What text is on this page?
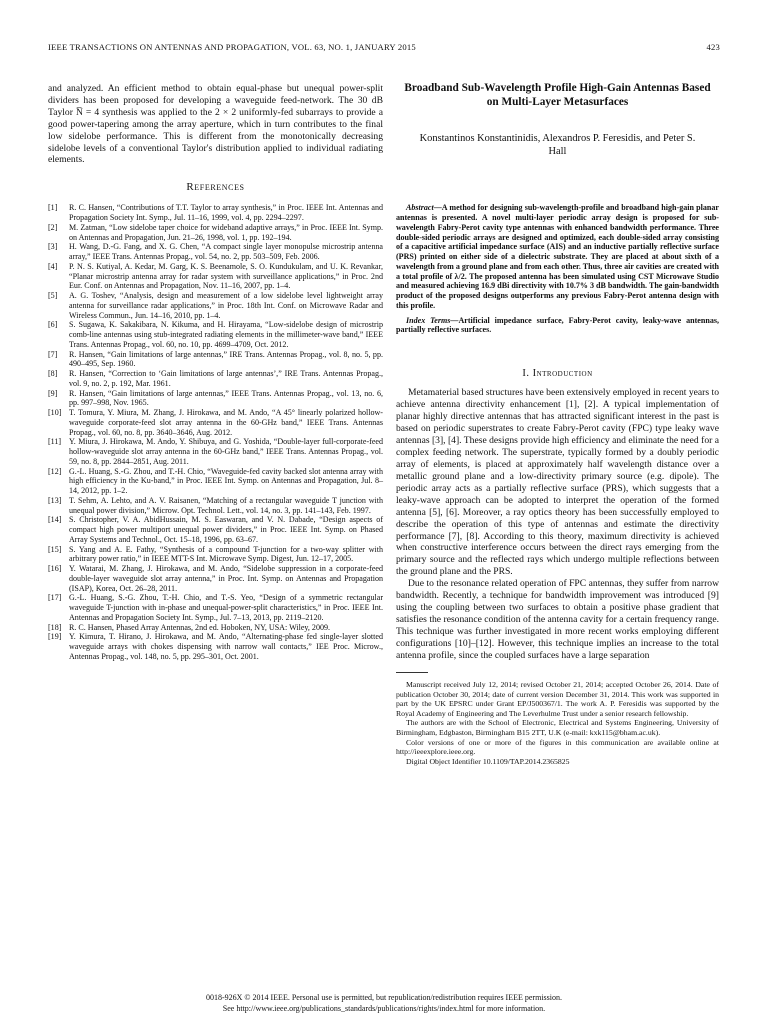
IEEE TRANSACTIONS ON ANTENNAS AND PROPAGATION, VOL. 63, NO. 1, JANUARY 2015	423

and analyzed. An efficient method to obtain equal-phase but unequal power-split dividers has been proposed for developing a waveguide feed-network. The 30 dB Taylor N̅ = 4 synthesis was applied to the 2 × 2 uniformly-fed subarrays to provide a good power-tapering among the array aperture, which in turn contributes to the final low sidelobe performance. This is different from the monotonically decreasing sidelobe levels of a conventional Taylor's distribution applied to individual radiating elements.

References
[1] R. C. Hansen, “Contributions of T.T. Taylor to array synthesis,” in Proc. IEEE Int. Antennas and Propagation Society Int. Symp., Jul. 11–16, 1999, vol. 4, pp. 2294–2297.
[2] M. Zatman, “Low sidelobe taper choice for wideband adaptive arrays,” in Proc. IEEE Int. Symp. on Antennas and Propagation, Jun. 21–26, 1998, vol. 1, pp. 192–194.
[3] H. Wang, D.-G. Fang, and X. G. Chen, “A compact single layer monopulse microstrip antenna array,” IEEE Trans. Antennas Propag., vol. 54, no. 2, pp. 503–509, Feb. 2006.
[4] P. N. S. Kutiyal, A. Kedar, M. Garg, K. S. Beenamole, S. O. Kundukulam, and U. K. Revankar, “Planar microstrip antenna array for radar system with surveillance applications,” in Proc. 2nd Eur. Conf. on Antennas and Propagation, Nov. 11–16, 2007, pp. 1–4.
[5] A. G. Toshev, “Analysis, design and measurement of a low sidelobe level lightweight array antenna for surveillance radar applications,” in Proc. 18th Int. Conf. on Microwave Radar and Wireless Commun., Jun. 14–16, 2010, pp. 1–4.
[6] S. Sugawa, K. Sakakibara, N. Kikuma, and H. Hirayama, “Low-sidelobe design of microstrip comb-line antennas using stub-integrated radiating elements in the millimeter-wave band,” IEEE Trans. Antennas Propag., vol. 60, no. 10, pp. 4699–4709, Oct. 2012.
[7] R. Hansen, “Gain limitations of large antennas,” IRE Trans. Antennas Propag., vol. 8, no. 5, pp. 490–495, Sep. 1960.
[8] R. Hansen, “Correction to ‘Gain limitations of large antennas’,” IRE Trans. Antennas Propag., vol. 9, no. 2, p. 192, Mar. 1961.
[9] R. Hansen, “Gain limitations of large antennas,” IEEE Trans. Antennas Propag., vol. 13, no. 6, pp. 997–998, Nov. 1965.
[10] T. Tomura, Y. Miura, M. Zhang, J. Hirokawa, and M. Ando, “A 45° linearly polarized hollow-waveguide corporate-feed slot array antenna in the 60-GHz band,” IEEE Trans. Antennas Propag., vol. 60, no. 8, pp. 3640–3646, Aug. 2012.
[11] Y. Miura, J. Hirokawa, M. Ando, Y. Shibuya, and G. Yoshida, “Double-layer full-corporate-feed hollow-waveguide slot array antenna in the 60-GHz band,” IEEE Trans. Antennas Propag., vol. 59, no. 8, pp. 2844–2851, Aug. 2011.
[12] G.-L. Huang, S.-G. Zhou, and T.-H. Chio, “Waveguide-fed cavity backed slot antenna array with high efficiency in the Ku-band,” in Proc. IEEE Int. Symp. on Antennas and Propagation, Jul. 8–14, 2012, pp. 1–2.
[13] T. Sehm, A. Lehto, and A. V. Raisanen, “Matching of a rectangular waveguide T junction with unequal power division,” Microw. Opt. Technol. Lett., vol. 14, no. 3, pp. 141–143, Feb. 1997.
[14] S. Christopher, V. A. AbidHussain, M. S. Easwaran, and V. N. Dabade, “Design aspects of compact high power multiport unequal power dividers,” in Proc. IEEE Int. Symp. on Phased Array Systems and Technol., Oct. 15–18, 1996, pp. 63–67.
[15] S. Yang and A. E. Fathy, “Synthesis of a compound T-junction for a two-way splitter with arbitrary power ratio,” in IEEE MTT-S Int. Microwave Symp. Digest, Jun. 12–17, 2005.
[16] Y. Watarai, M. Zhang, J. Hirokawa, and M. Ando, “Sidelobe suppression in a corporate-feed double-layer waveguide slot array antenna,” in Proc. Int. Symp. on Antennas and Propagation (ISAP), Korea, Oct. 26–28, 2011.
[17] G.-L. Huang, S.-G. Zhou, T.-H. Chio, and T.-S. Yeo, “Design of a symmetric rectangular waveguide T-junction with in-phase and unequal-power-split characteristics,” in Proc. IEEE Int. Antennas and Propagation Society Int. Symp., Jul. 7–13, 2013, pp. 2119–2120.
[18] R. C. Hansen, Phased Array Antennas, 2nd ed. Hoboken, NY, USA: Wiley, 2009.
[19] Y. Kimura, T. Hirano, J. Hirokawa, and M. Ando, “Alternating-phase fed single-layer slotted waveguide arrays with chokes dispensing with narrow wall contacts,” IEE Proc. Microw., Antennas Propag., vol. 148, no. 5, pp. 295–301, Oct. 2001.
Broadband Sub-Wavelength Profile High-Gain Antennas Based on Multi-Layer Metasurfaces
Konstantinos Konstantinidis, Alexandros P. Feresidis, and Peter S. Hall

Abstract—A method for designing sub-wavelength-profile and broadband high-gain planar antennas is presented. A novel multi-layer periodic array design is proposed for sub-wavelength Fabry-Perot cavity type antennas with enhanced bandwidth performance. Three double-sided periodic arrays are designed and optimized, each double-sided array consisting of a capacitive artificial impedance surface (AIS) and an inductive partially reflective surface (PRS) printed on either side of a dielectric substrate. They are placed at about sixth of a wavelength from a ground plane and from each other. Thus, three air cavities are created with a total profile of λ/2. The proposed antenna has been simulated using CST Microwave Studio and measured achieving 16.9 dBi directivity with 10.7% 3 dB bandwidth. The gain-bandwidth product of the proposed designs outperforms any previous Fabry-Perot antenna design with this profile.

Index Terms—Artificial impedance surface, Fabry-Perot cavity, leaky-wave antennas, partially reflective surfaces.

I. Introduction

Metamaterial based structures have been extensively employed in recent years to achieve antenna directivity enhancement [1], [2]. A typical implementation of planar highly directive antennas that has attracted significant interest in the past is based on periodic superstrates to create Fabry-Perot cavity (FPC) type leaky wave antennas [3], [4]. These designs provide high efficiency and eliminate the need for a complex feeding network. The superstrate, typically formed by a doubly periodic array of elements, is placed at approximately half wavelength distance over a metallic ground plane and a low-directivity primary source (e.g. dipole). The periodic array acts as a partially reflective surface (PRS), which suggests that a leaky-wave approach can be adopted to interpret the operation of the formed antenna [5], [6]. Moreover, a ray optics theory has been successfully employed to describe the operation of this type of antennas and estimate the directivity performance [7], [8]. According to this theory, maximum directivity is achieved when constructive interference occurs between the direct rays emerging from the primary source and the reflected rays which undergo multiple reflections between the ground plane and the PRS.

Due to the resonance related operation of FPC antennas, they suffer from narrow bandwidth. Recently, a technique for bandwidth improvement was introduced [9] using the coupling between two surfaces to obtain a positive phase gradient that satisfies the resonance condition of the antenna cavity for a certain frequency range. This technique was further investigated in more recent works employing different configurations [10]–[12]. However, this technique implies an increase to the total antenna profile, since the coupled surfaces have a large separation

Manuscript received July 12, 2014; revised October 21, 2014; accepted October 26, 2014. Date of publication October 30, 2014; date of current version December 31, 2014. This work was supported in part by the UK EPSRC under Grant EP/J500367/1. The work A. P. Feresidis was supported by the Royal Academy of Engineering and The Leverhulme Trust under a senior research fellowship.

The authors are with the School of Electronic, Electrical and Systems Engineering, University of Birmingham, Edgbaston, Birmingham B15 2TT, U.K (e-mail: kxk115@bham.ac.uk).

Color versions of one or more of the figures in this communication are available online at http://ieeexplore.ieee.org.

Digital Object Identifier 10.1109/TAP.2014.2365825

0018-926X © 2014 IEEE. Personal use is permitted, but republication/redistribution requires IEEE permission.
See http://www.ieee.org/publications_standards/publications/rights/index.html for more information.
